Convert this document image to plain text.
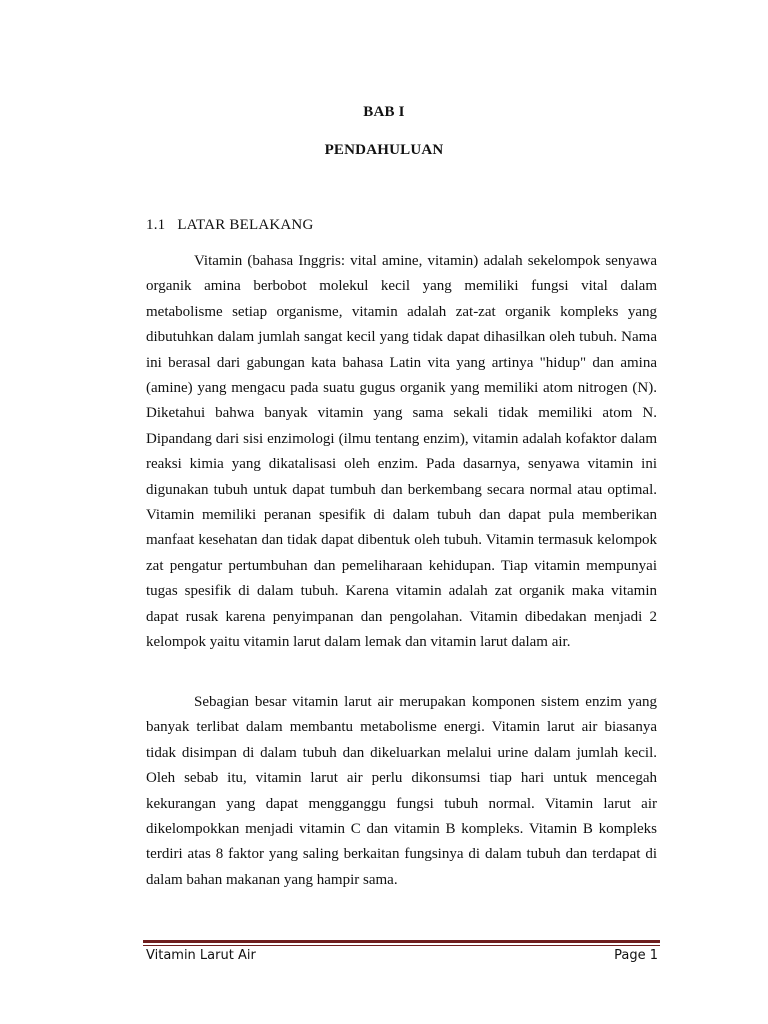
BAB I
PENDAHULUAN
1.1 LATAR BELAKANG

Vitamin (bahasa Inggris: vital amine, vitamin) adalah sekelompok senyawa organik amina berbobot molekul kecil yang memiliki fungsi vital dalam metabolisme setiap organisme, vitamin adalah zat-zat organik kompleks yang dibutuhkan dalam jumlah sangat kecil yang tidak dapat dihasilkan oleh tubuh. Nama ini berasal dari gabungan kata bahasa Latin vita yang artinya "hidup" dan amina (amine) yang mengacu pada suatu gugus organik yang memiliki atom nitrogen (N). Diketahui bahwa banyak vitamin yang sama sekali tidak memiliki atom N. Dipandang dari sisi enzimologi (ilmu tentang enzim), vitamin adalah kofaktor dalam reaksi kimia yang dikatalisasi oleh enzim. Pada dasarnya, senyawa vitamin ini digunakan tubuh untuk dapat tumbuh dan berkembang secara normal atau optimal. Vitamin memiliki peranan spesifik di dalam tubuh dan dapat pula memberikan manfaat kesehatan dan tidak dapat dibentuk oleh tubuh. Vitamin termasuk kelompok zat pengatur pertumbuhan dan pemeliharaan kehidupan. Tiap vitamin mempunyai tugas spesifik di dalam tubuh. Karena vitamin adalah zat organik maka vitamin dapat rusak karena penyimpanan dan pengolahan. Vitamin dibedakan menjadi 2 kelompok yaitu vitamin larut dalam lemak dan vitamin larut dalam air.

Sebagian besar vitamin larut air merupakan komponen sistem enzim yang banyak terlibat dalam membantu metabolisme energi. Vitamin larut air biasanya tidak disimpan di dalam tubuh dan dikeluarkan melalui urine dalam jumlah kecil. Oleh sebab itu, vitamin larut air perlu dikonsumsi tiap hari untuk mencegah kekurangan yang dapat mengganggu fungsi tubuh normal. Vitamin larut air dikelompokkan menjadi vitamin C dan vitamin B kompleks. Vitamin B kompleks terdiri atas 8 faktor yang saling berkaitan fungsinya di dalam tubuh dan terdapat di dalam bahan makanan yang hampir sama.

Vitamin Larut Air	Page 1
